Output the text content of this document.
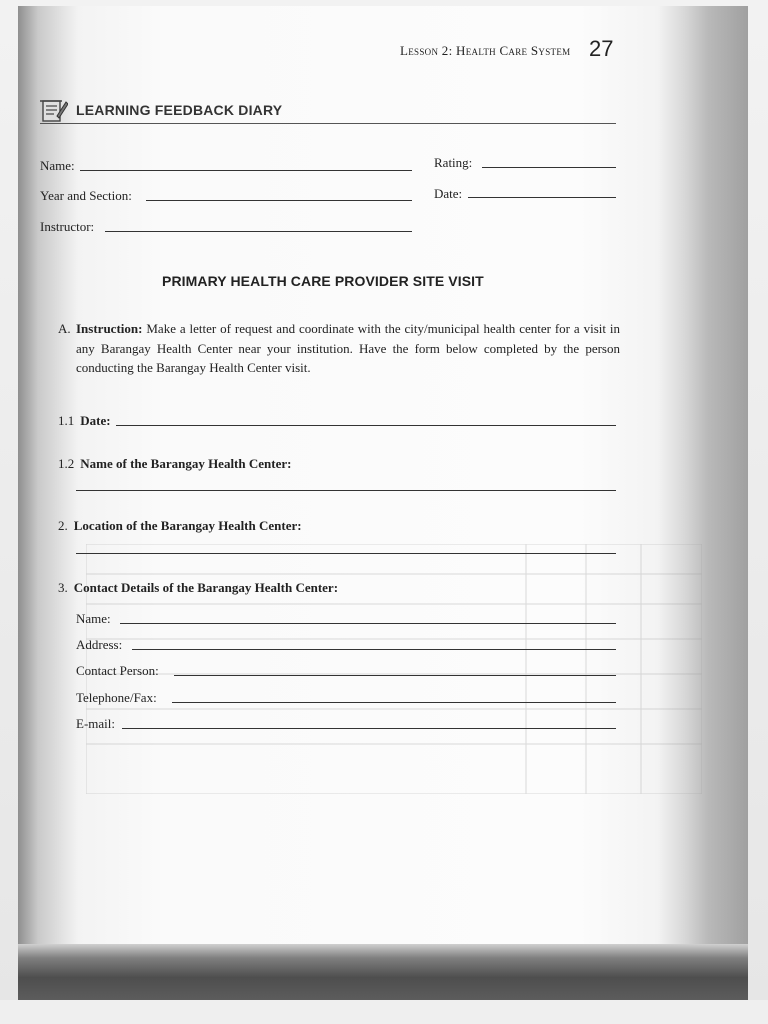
Lesson 2: Health Care System 27
LEARNING FEEDBACK DIARY
Name:
Year and Section:
Instructor:
Rating:
Date:
PRIMARY HEALTH CARE PROVIDER SITE VISIT
A. Instruction: Make a letter of request and coordinate with the city/municipal health center for a visit in any Barangay Health Center near your institution. Have the form below completed by the person conducting the Barangay Health Center visit.
1.1 Date:
1.2 Name of the Barangay Health Center:
2. Location of the Barangay Health Center:
3. Contact Details of the Barangay Health Center:
Name:
Address:
Contact Person:
Telephone/Fax:
E-mail:
